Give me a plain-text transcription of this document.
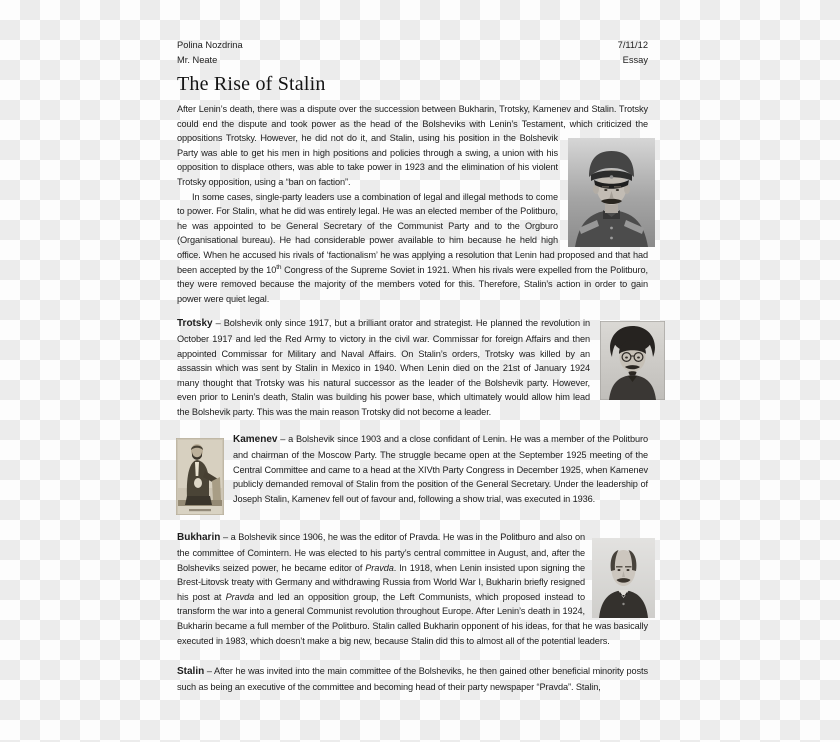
Polina Nozdrina
Mr. Neate
7/11/12
Essay
The Rise of Stalin

After Lenin’s death, there was a dispute over the succession between Bukharin, Trotsky, Kamenev and Stalin. Trotsky could end the dispute and took power as the head of the Bolsheviks with Lenin’s Testament, which criticized the oppositions Trotsky. However, he did not do it, and Stalin, using his position in the Bolshevik Party was able to get his men in high positions and policies through a swing, a union with his opposition to displace others, was able to take power in 1923 and the elimination of his violent Trotsky opposition, using a “ban on faction”.

In some cases, single-party leaders use a combination of legal and illegal methods to come to power. For Stalin, what he did was entirely legal. He was an elected member of the Politburo, he was appointed to be General Secretary of the Communist Party and to the Orgburo (Organisational bureau). He had considerable power available to him because he held high office. When he accused his rivals of ‘factionalism’ he was applying a resolution that Lenin had proposed and that had been accepted by the 10th Congress of the Supreme Soviet in 1921. When his rivals were expelled from the Politburo, they were removed because the majority of the members voted for this. Therefore, Stalin’s action in order to gain power were quiet legal.

Trotsky – Bolshevik only since 1917, but a brilliant orator and strategist. He planned the revolution in October 1917 and led the Red Army to victory in the civil war. Commissar for foreign Affairs and then appointed Commissar for Military and Naval Affairs. On Stalin’s orders, Trotsky was killed by an assassin which was sent by Stalin in Mexico in 1940. When Lenin died on the 21st of January 1924 many thought that Trotsky was his natural successor as the leader of the Bolshevik party. However, even prior to Lenin’s death, Stalin was building his power base, which ultimately would allow him lead the Bolshevik party. This was the main reason Trotsky did not become a leader.

Kamenev – a Bolshevik since 1903 and a close confidant of Lenin. He was a member of the Politburo and chairman of the Moscow Party. The struggle became open at the September 1925 meeting of the Central Committee and came to a head at the XIVth Party Congress in December 1925, when Kamenev publicly demanded removal of Stalin from the position of the General Secretary. Under the leadership of Joseph Stalin, Kamenev fell out of favour and, following a show trial, was executed in 1936.

Bukharin – a Bolshevik since 1906, he was the editor of Pravda. He was in the Politburo and also on the committee of Comintern. He was elected to his party’s central committee in August, and, after the Bolsheviks seized power, he became editor of Pravda. In 1918, when Lenin insisted upon signing the Brest-Litovsk treaty with Germany and withdrawing Russia from World War I, Bukharin briefly resigned his post at Pravda and led an opposition group, the Left Communists, which proposed instead to transform the war into a general Communist revolution throughout Europe. After Lenin’s death in 1924, Bukharin became a full member of the Politburo. Stalin called Bukharin opponent of his ideas, for that he was basically executed in 1983, which doesn’t make a big new, because Stalin did this to almost all of the potential leaders.

Stalin – After he was invited into the main committee of the Bolsheviks, he then gained other beneficial minority posts such as being an executive of the committee and becoming head of their party newspaper “Pravda”. Stalin,
